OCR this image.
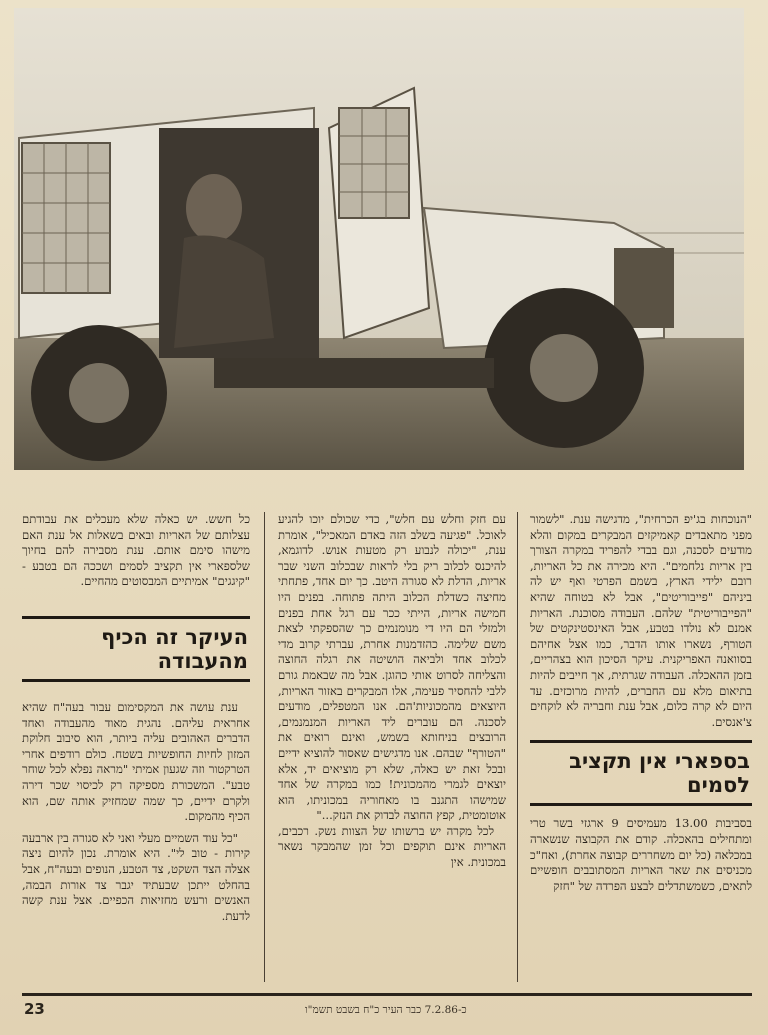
"הנוכחות בג'יפ הכרחית", מדגישה ענת. "לשמור מפני מתאבדים קאמיקזים המבקרים במקום והלא מודעים לסכנה, וגם בבדי להפריד במקרה הצורך בין אריות נלחמים". היא מכירה את כל האריות, רובם ילידי הארץ, בשמם הפרטי ואף יש לה ביניהם "פייבוריטים", אבל לא בטוחה שהיא "הפייבוריטית" שלהם. העבודה מסוכנת. האריות אמנם לא נולדו בטבע, אבל האינסטינקטים של הטורף, נשארו אותו הדבר, כמו אצל אחיהם בסוואנה האפריקנית. עיקר הסיכון הוא בצהריים, בזמן ההאכלה. העבודה שגרתית, אך חייבים להיות בתיאום מלא עם החברים, להיות מרוכזים. עד היום לא קרה כלום, אבל ענת וחבריה לא לוקחים צ'אנסים.

בספארי אין תקציב לסמים

בסביבות 13.00 מעמיסים 9 ארגזי בשר טרי ומתחילים בהאכלה. קודם את הקבוצה שנשארה במכלאה (כל יום משחררים קבוצה אחרת), ואח"כ מכניסים את שאר האריות המסתובבים חופשיים לתאים, כשמשתדלים לבצע הפרדה של "חזק

עם חזק וחלש עם חלש", כדי שכולם יוכו להגיע לאוכל. "פגיעה בשלב הזה באדם המאכיל", אומרת ענת, "יכולה לנבוע רק מטעות אנוש. לדוגמא, להיכנס לכלוב ריק בלי לראות שבכלוב השני שבר אריות, הדלת לא סגורה היטב. כך יום אחד, פתחתי מחיצה כשדלת הכלוב היתה פתוחה. בפנים היו חמישה אריות, הייתי ככר עם רגל אחת בפנים ולמזלי הם היו די מנומנמים כך שהספקתי לצאת משם שלימה. כהזדמנות אחרת, עברתי קרוב מדי לכלוב אחד ולביאה הושיטה את רגלה החוצה והצליחה לסרוט אותי כהוגן. אבל מה שבאמת גורם ללבי להחסיר פעימה, אלו המבקרים באזור האריות, היוצאים מהמכוניות'הם. אנו המטפלים, מודעים לסכנה. הם עוברים ליד האריות המנמנמים, הרובצים בניחותא בשמש, ואינם רואים את "הטורף" שבהם. אנו מדגישים שאסור להוציא ידיים ובכל זאת יש כאלה, שלא רק מוציאים יד, אלא יוצאים לגמרי מהמכונית! כמו במקרה של אחד שמישהו התגנב בו מאחוריה במכוניתו, הוא אוטומטית, קפץ החוצה לבדוק את הנזק..."

לכל מקרה יש ברשותו של הצוות נשק. רכבים, האריות אינם תוקפים וכל זמן שהמבקר נשאר במכונית. אין

כל חשש. יש כאלה שלא מעכלים את עבודתם עצלותם של האריות ובאים בשאלות אל ענת האם מישהו סימם אותם. ענת מסבירה להם בחיוך שלספארי אין תקציב לסמים ושככה הם בטבע - "קיגגים" אמיתיים המבסוטים מהחיים.

העיקר זה הכיף מהעבודה

ענת עושה את המקסימום עבור בעה"ח שהיא אחראית עליהם. נהגית מאוד מהעבודה ואחד הדברים האהובים עליה ביותר, הוא סיבוב חלוקת המזון לחיות החופשיות בשטח. כולם רודפים אחרי הטרקטור וזה שגעון אמיתי "מראה נפלא לכל שוחר טבע". המשכורת מספיקה רק לכיסוי שכר דירה ולקרם ידיים, כך שמה שמחזיק אותה שם, הוא הכיף מהמקום.

"כל עוד השמיים מעלי ואני לא סגורה בין ארבעה קירות - טוב לי". היא אומרת. נכון להיום ניצה אצלה הצד השקט, צד הטבע, הנופים ובעה"ח, אבל בהחלט ייתכן שבעתיד יגבר צד אורות הבמה, האנשים ורעש מחזיאות הכפיים. אצל ענת קשה לדעת.

23	כ-7.2.86 כבר העיר כ"ח בשבט תשמ"ו
